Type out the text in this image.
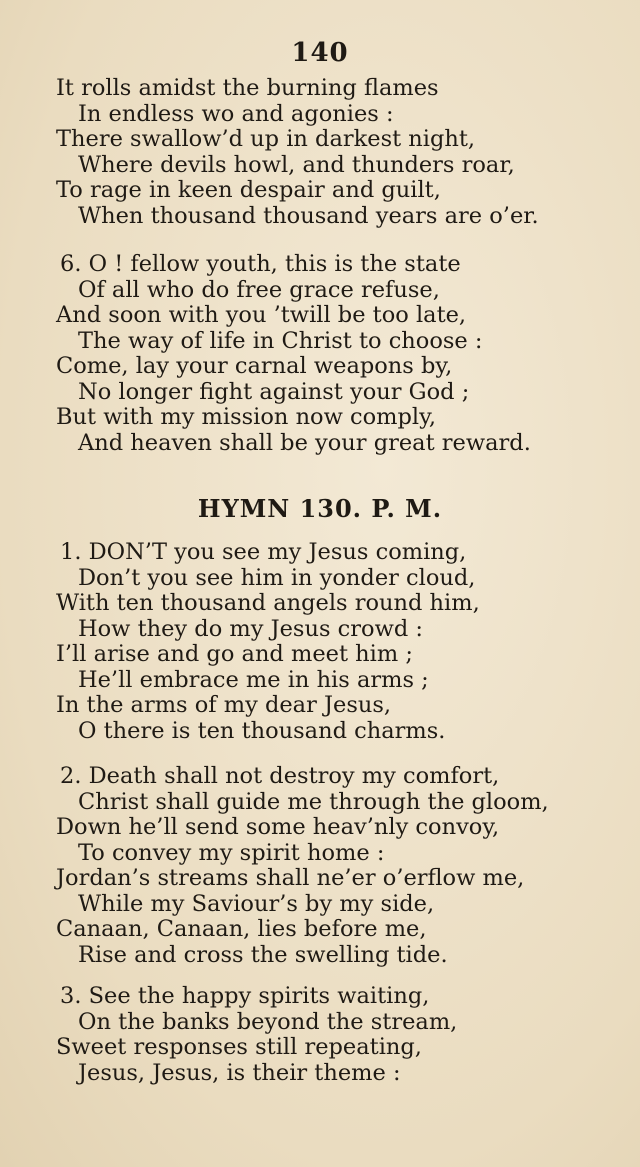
140
It rolls amidst the burning flames
In endless wo and agonies :
There swallow’d up in darkest night,
Where devils howl, and thunders roar,
To rage in keen despair and guilt,
When thousand thousand years are o’er.
6. O ! fellow youth, this is the state
Of all who do free grace refuse,
And soon with you ’twill be too late,
The way of life in Christ to choose :
Come, lay your carnal weapons by,
No longer fight against your God ;
But with my mission now comply,
And heaven shall be your great reward.
HYMN 130. P. M.
1. DON’T you see my Jesus coming,
Don’t you see him in yonder cloud,
With ten thousand angels round him,
How they do my Jesus crowd :
I’ll arise and go and meet him ;
He’ll embrace me in his arms ;
In the arms of my dear Jesus,
O there is ten thousand charms.
2. Death shall not destroy my comfort,
Christ shall guide me through the gloom,
Down he’ll send some heav’nly convoy,
To convey my spirit home :
Jordan’s streams shall ne’er o’erflow me,
While my Saviour’s by my side,
Canaan, Canaan, lies before me,
Rise and cross the swelling tide.
3. See the happy spirits waiting,
On the banks beyond the stream,
Sweet responses still repeating,
Jesus, Jesus, is their theme :
